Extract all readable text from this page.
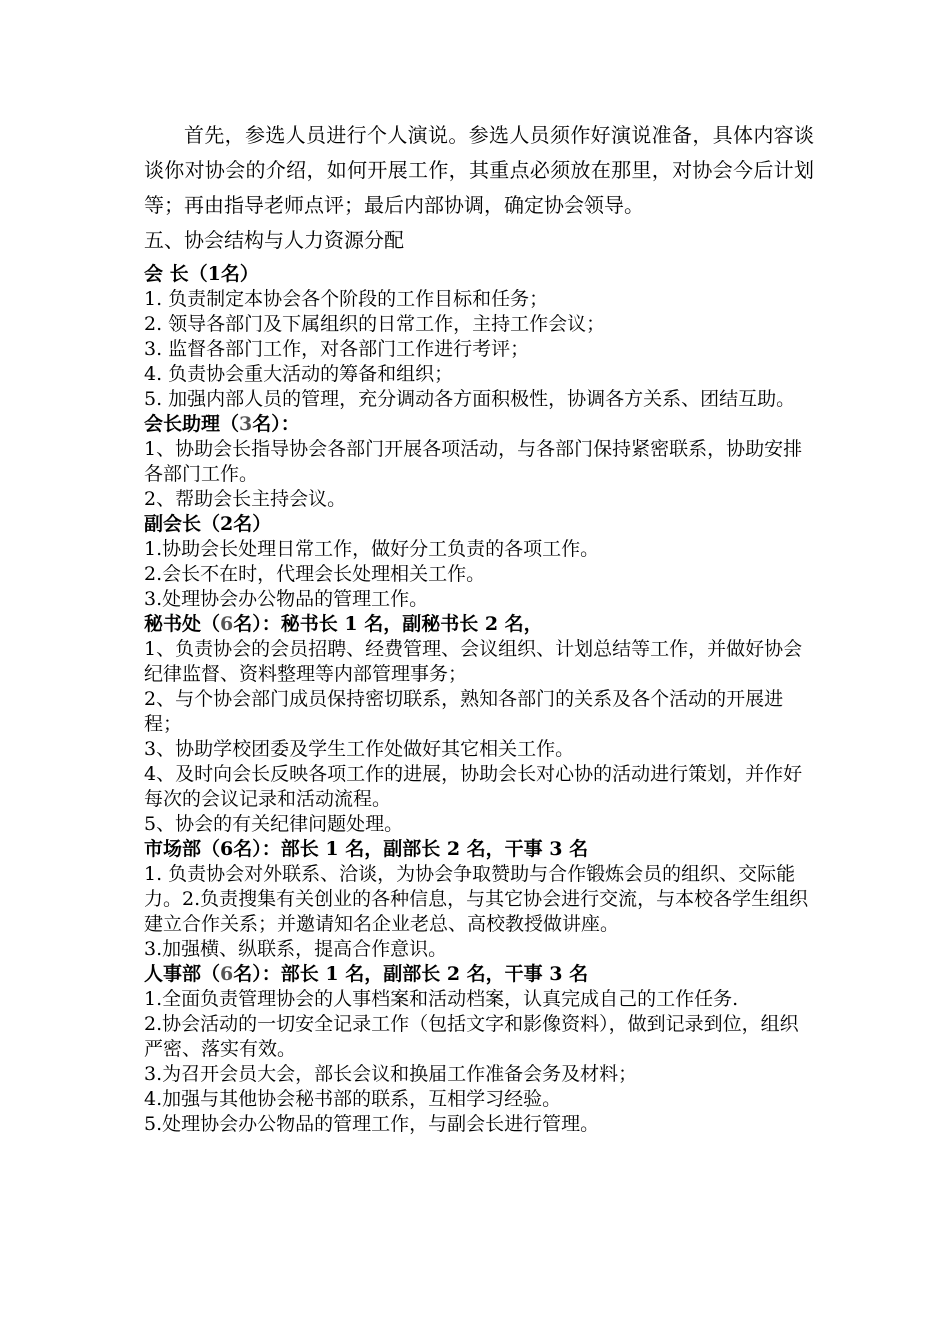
首先，参选人员进行个人演说。参选人员须作好演说准备，具体内容谈谈你对协会的介绍，如何开展工作，其重点必须放在那里，对协会今后计划等；再由指导老师点评；最后内部协调，确定协会领导。

五、协会结构与人力资源分配

会 长（1名）

1. 负责制定本协会各个阶段的工作目标和任务；

2. 领导各部门及下属组织的日常工作，主持工作会议；

3. 监督各部门工作，对各部门工作进行考评；

4. 负责协会重大活动的筹备和组织；

5. 加强内部人员的管理，充分调动各方面积极性，协调各方关系、团结互助。

会长助理（3名）：

1、协助会长指导协会各部门开展各项活动，与各部门保持紧密联系，协助安排各部门工作。

2、帮助会长主持会议。

副会长（2名）

1.协助会长处理日常工作，做好分工负责的各项工作。

2.会长不在时，代理会长处理相关工作。

3.处理协会办公物品的管理工作。

秘书处（6名）：秘书长 1 名，副秘书长 2 名，

1、负责协会的会员招聘、经费管理、会议组织、计划总结等工作，并做好协会纪律监督、资料整理等内部管理事务；

2、与个协会部门成员保持密切联系，熟知各部门的关系及各个活动的开展进程；

3、协助学校团委及学生工作处做好其它相关工作。

4、及时向会长反映各项工作的进展，协助会长对心协的活动进行策划，并作好每次的会议记录和活动流程。

5、协会的有关纪律问题处理。

市场部（6名）：部长 1 名，副部长 2 名，干事 3 名

1. 负责协会对外联系、洽谈，为协会争取赞助与合作锻炼会员的组织、交际能力。2.负责搜集有关创业的各种信息，与其它协会进行交流，与本校各学生组织建立合作关系；并邀请知名企业老总、高校教授做讲座。

3.加强横、纵联系，提高合作意识。

人事部（6名）：部长 1 名，副部长 2 名，干事 3 名

1.全面负责管理协会的人事档案和活动档案，认真完成自己的工作任务.

2.协会活动的一切安全记录工作（包括文字和影像资料），做到记录到位，组织严密、落实有效。

3.为召开会员大会，部长会议和换届工作准备会务及材料；

4.加强与其他协会秘书部的联系，互相学习经验。

5.处理协会办公物品的管理工作，与副会长进行管理。
